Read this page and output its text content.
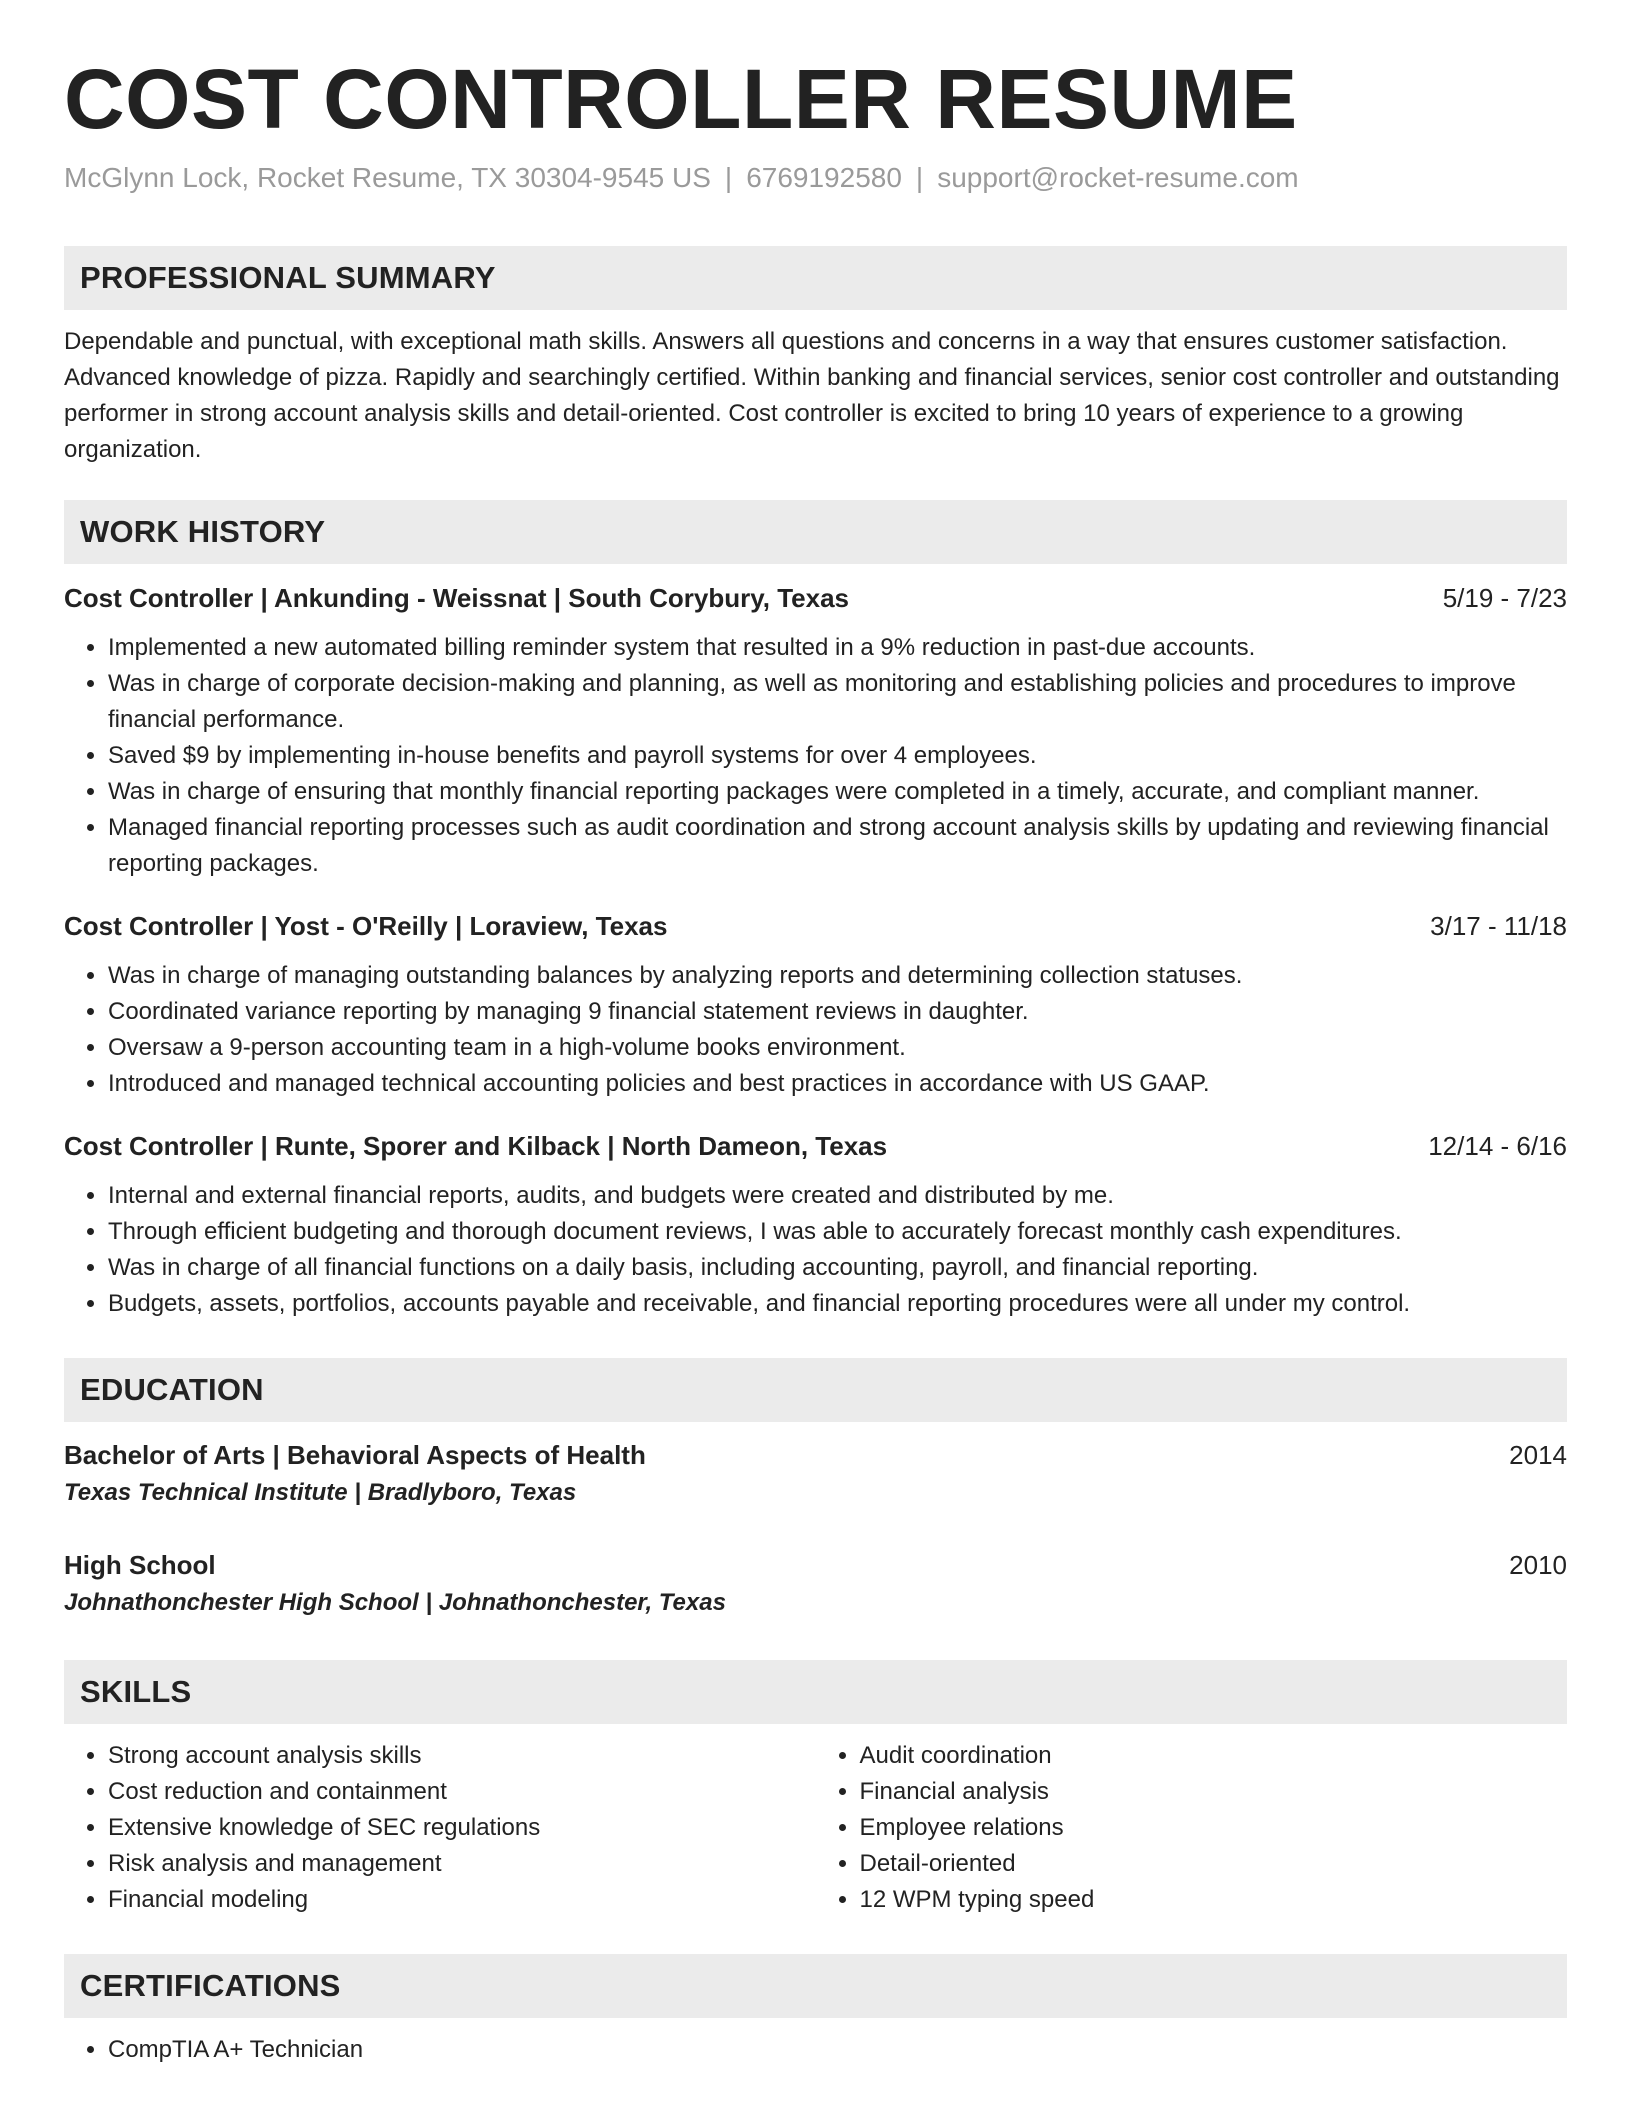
COST CONTROLLER RESUME
McGlynn Lock, Rocket Resume, TX 30304-9545 US | 6769192580 | support@rocket-resume.com
PROFESSIONAL SUMMARY
Dependable and punctual, with exceptional math skills. Answers all questions and concerns in a way that ensures customer satisfaction. Advanced knowledge of pizza. Rapidly and searchingly certified. Within banking and financial services, senior cost controller and outstanding performer in strong account analysis skills and detail-oriented. Cost controller is excited to bring 10 years of experience to a growing organization.
WORK HISTORY
Cost Controller | Ankunding - Weissnat | South Corybury, Texas	5/19 - 7/23
• Implemented a new automated billing reminder system that resulted in a 9% reduction in past-due accounts.
• Was in charge of corporate decision-making and planning, as well as monitoring and establishing policies and procedures to improve financial performance.
• Saved $9 by implementing in-house benefits and payroll systems for over 4 employees.
• Was in charge of ensuring that monthly financial reporting packages were completed in a timely, accurate, and compliant manner.
• Managed financial reporting processes such as audit coordination and strong account analysis skills by updating and reviewing financial reporting packages.
Cost Controller | Yost - O'Reilly | Loraview, Texas	3/17 - 11/18
• Was in charge of managing outstanding balances by analyzing reports and determining collection statuses.
• Coordinated variance reporting by managing 9 financial statement reviews in daughter.
• Oversaw a 9-person accounting team in a high-volume books environment.
• Introduced and managed technical accounting policies and best practices in accordance with US GAAP.
Cost Controller | Runte, Sporer and Kilback | North Dameon, Texas	12/14 - 6/16
• Internal and external financial reports, audits, and budgets were created and distributed by me.
• Through efficient budgeting and thorough document reviews, I was able to accurately forecast monthly cash expenditures.
• Was in charge of all financial functions on a daily basis, including accounting, payroll, and financial reporting.
• Budgets, assets, portfolios, accounts payable and receivable, and financial reporting procedures were all under my control.
EDUCATION
Bachelor of Arts | Behavioral Aspects of Health	2014
Texas Technical Institute | Bradlyboro, Texas
High School	2010
Johnathonchester High School | Johnathonchester, Texas
SKILLS
• Strong account analysis skills
• Cost reduction and containment
• Extensive knowledge of SEC regulations
• Risk analysis and management
• Financial modeling
• Audit coordination
• Financial analysis
• Employee relations
• Detail-oriented
• 12 WPM typing speed
CERTIFICATIONS
• CompTIA A+ Technician
